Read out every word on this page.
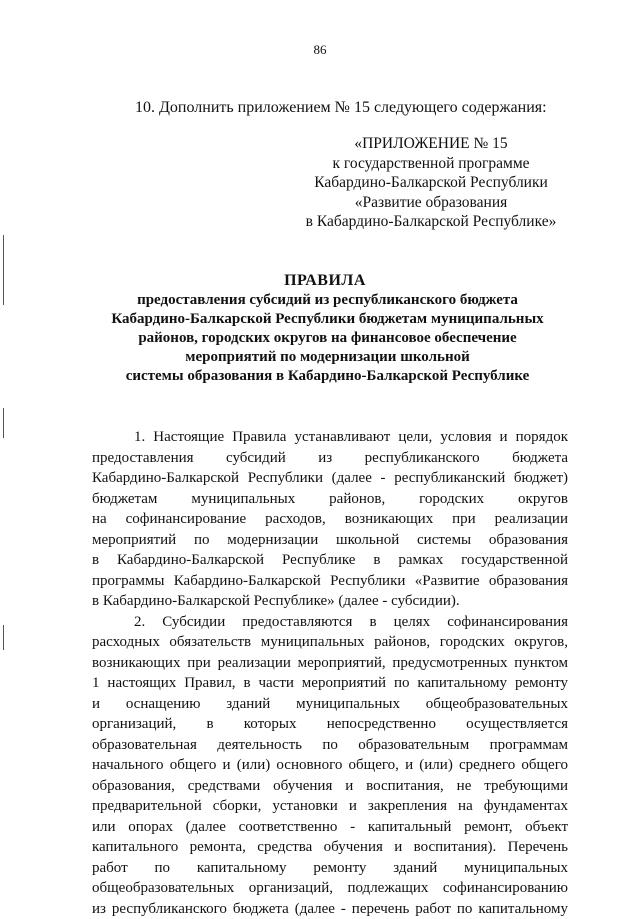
86
10. Дополнить приложением № 15 следующего содержания:
«ПРИЛОЖЕНИЕ № 15
к государственной программе
Кабардино-Балкарской Республики
«Развитие образования
в Кабардино-Балкарской Республике»
ПРАВИЛА
предоставления субсидий из республиканского бюджета
Кабардино-Балкарской Республики бюджетам муниципальных
районов, городских округов на финансовое обеспечение
мероприятий по модернизации школьной
системы образования в Кабардино-Балкарской Республике
1. Настоящие Правила устанавливают цели, условия и порядок
предоставления субсидий из республиканского бюджета
Кабардино-Балкарской Республики (далее - республиканский бюджет)
бюджетам муниципальных районов, городских округов
на софинансирование расходов, возникающих при реализации
мероприятий по модернизации школьной системы образования
в Кабардино-Балкарской Республике в рамках государственной
программы Кабардино-Балкарской Республики «Развитие образования
в Кабардино-Балкарской Республике» (далее - субсидии).
2. Субсидии предоставляются в целях софинансирования
расходных обязательств муниципальных районов, городских округов,
возникающих при реализации мероприятий, предусмотренных пунктом
1 настоящих Правил, в части мероприятий по капитальному ремонту
и оснащению зданий муниципальных общеобразовательных
организаций, в которых непосредственно осуществляется
образовательная деятельность по образовательным программам
начального общего и (или) основного общего, и (или) среднего общего
образования, средствами обучения и воспитания, не требующими
предварительной сборки, установки и закрепления на фундаментах
или опорах (далее соответственно - капитальный ремонт, объект
капитального ремонта, средства обучения и воспитания). Перечень
работ по капитальному ремонту зданий муниципальных
общеобразовательных организаций, подлежащих софинансированию
из республиканского бюджета (далее - перечень работ по капитальному
